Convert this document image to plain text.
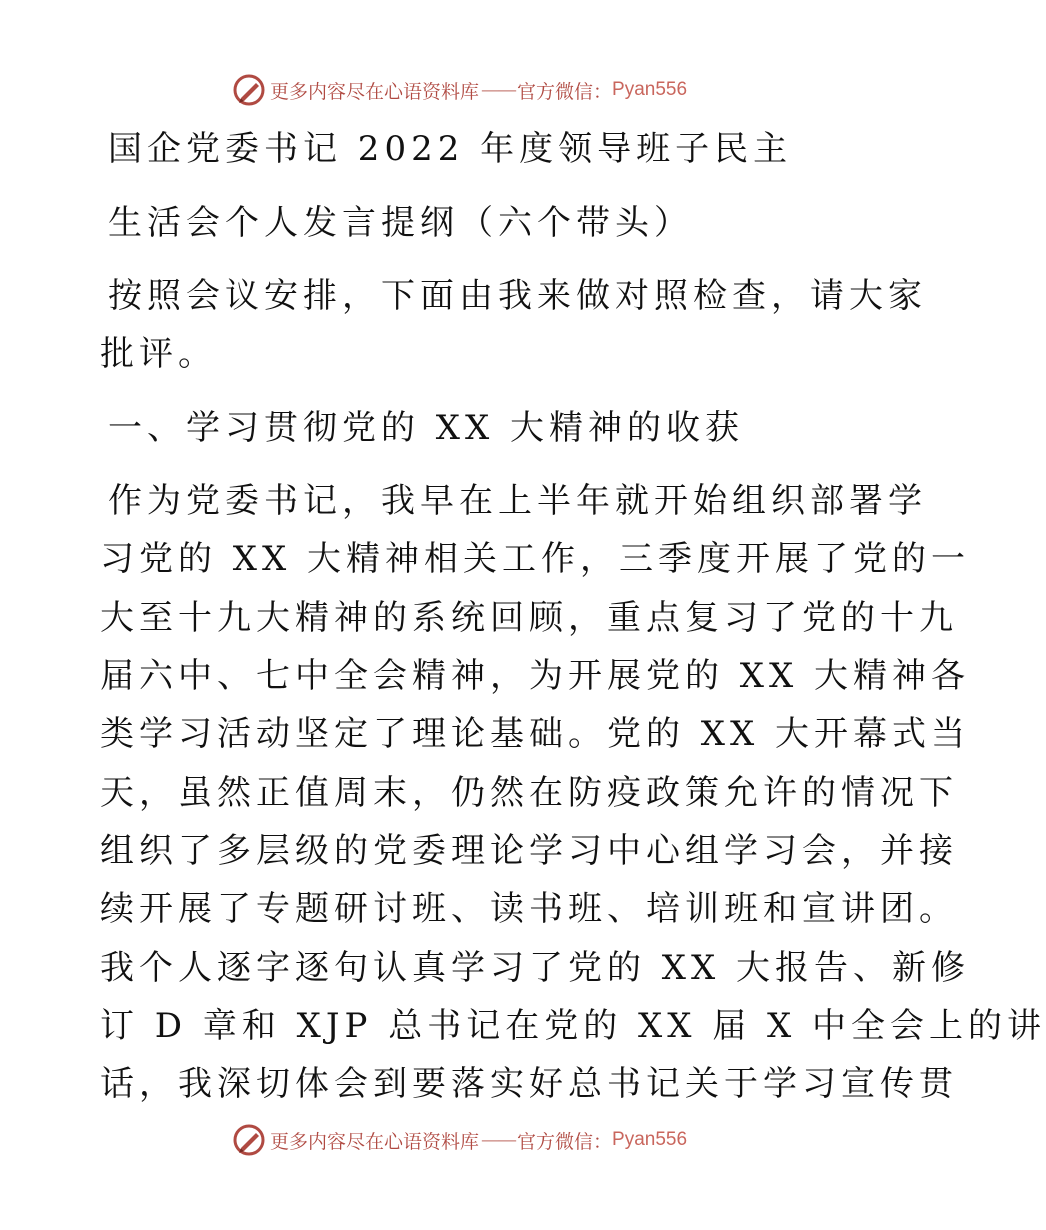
更多内容尽在心语资料库 —— 官方微信： Pyan556
国企党委书记 2022 年度领导班子民主
生活会个人发言提纲（六个带头）
按照会议安排，下面由我来做对照检查，请大家
批评。
一、学习贯彻党的 XX 大精神的收获
作为党委书记，我早在上半年就开始组织部署学
习党的 XX 大精神相关工作，三季度开展了党的一
大至十九大精神的系统回顾，重点复习了党的十九
届六中、七中全会精神，为开展党的 XX 大精神各
类学习活动坚定了理论基础。党的 XX 大开幕式当
天，虽然正值周末，仍然在防疫政策允许的情况下
组织了多层级的党委理论学习中心组学习会，并接
续开展了专题研讨班、读书班、培训班和宣讲团。
我个人逐字逐句认真学习了党的 XX 大报告、新修
订 D 章和 XJP 总书记在党的 XX 届 X 中全会上的讲
话，我深切体会到要落实好总书记关于学习宣传贯
更多内容尽在心语资料库 —— 官方微信： Pyan556
